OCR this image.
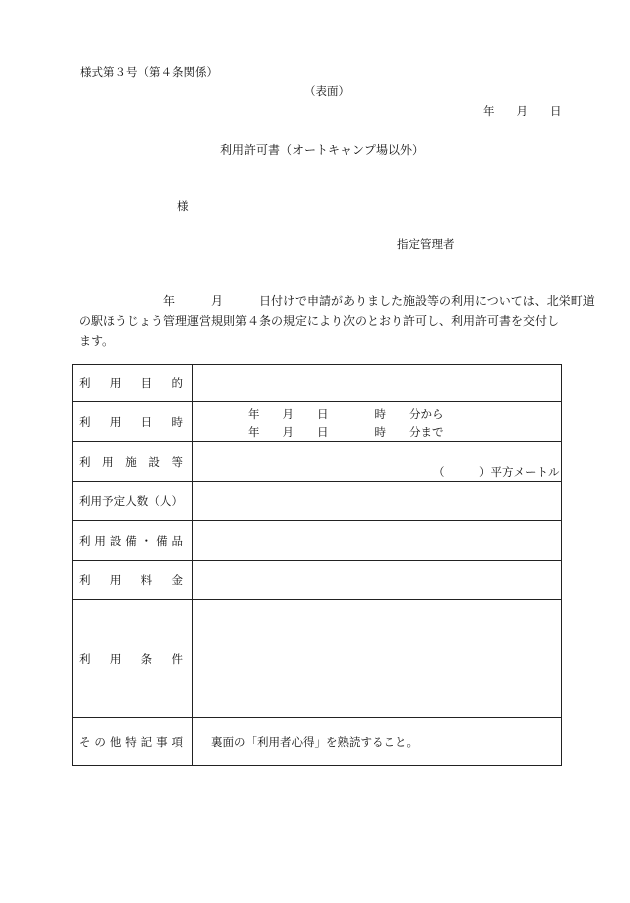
様式第３号（第４条関係）
（表面）
年 月 日
利用許可書（オートキャンプ場以外）
様
指定管理者
　　　　　　　年　　　月　　　日付けで申請がありました施設等の利用については、北栄町道
の駅ほうじょう管理運営規則第４条の規定により次のとおり許可し、利用許可書を交付し
ます。
利用目的	

利用日時	年　　月　　日　　　　時　　分から
年　　月　　日　　　　時　　分まで

利用施設等	（　　　）平方メートル

利用予定人数（人）	

利用設備・備品	

利用料金	

利用条件	

その他特記事項	裏面の「利用者心得」を熟読すること。
